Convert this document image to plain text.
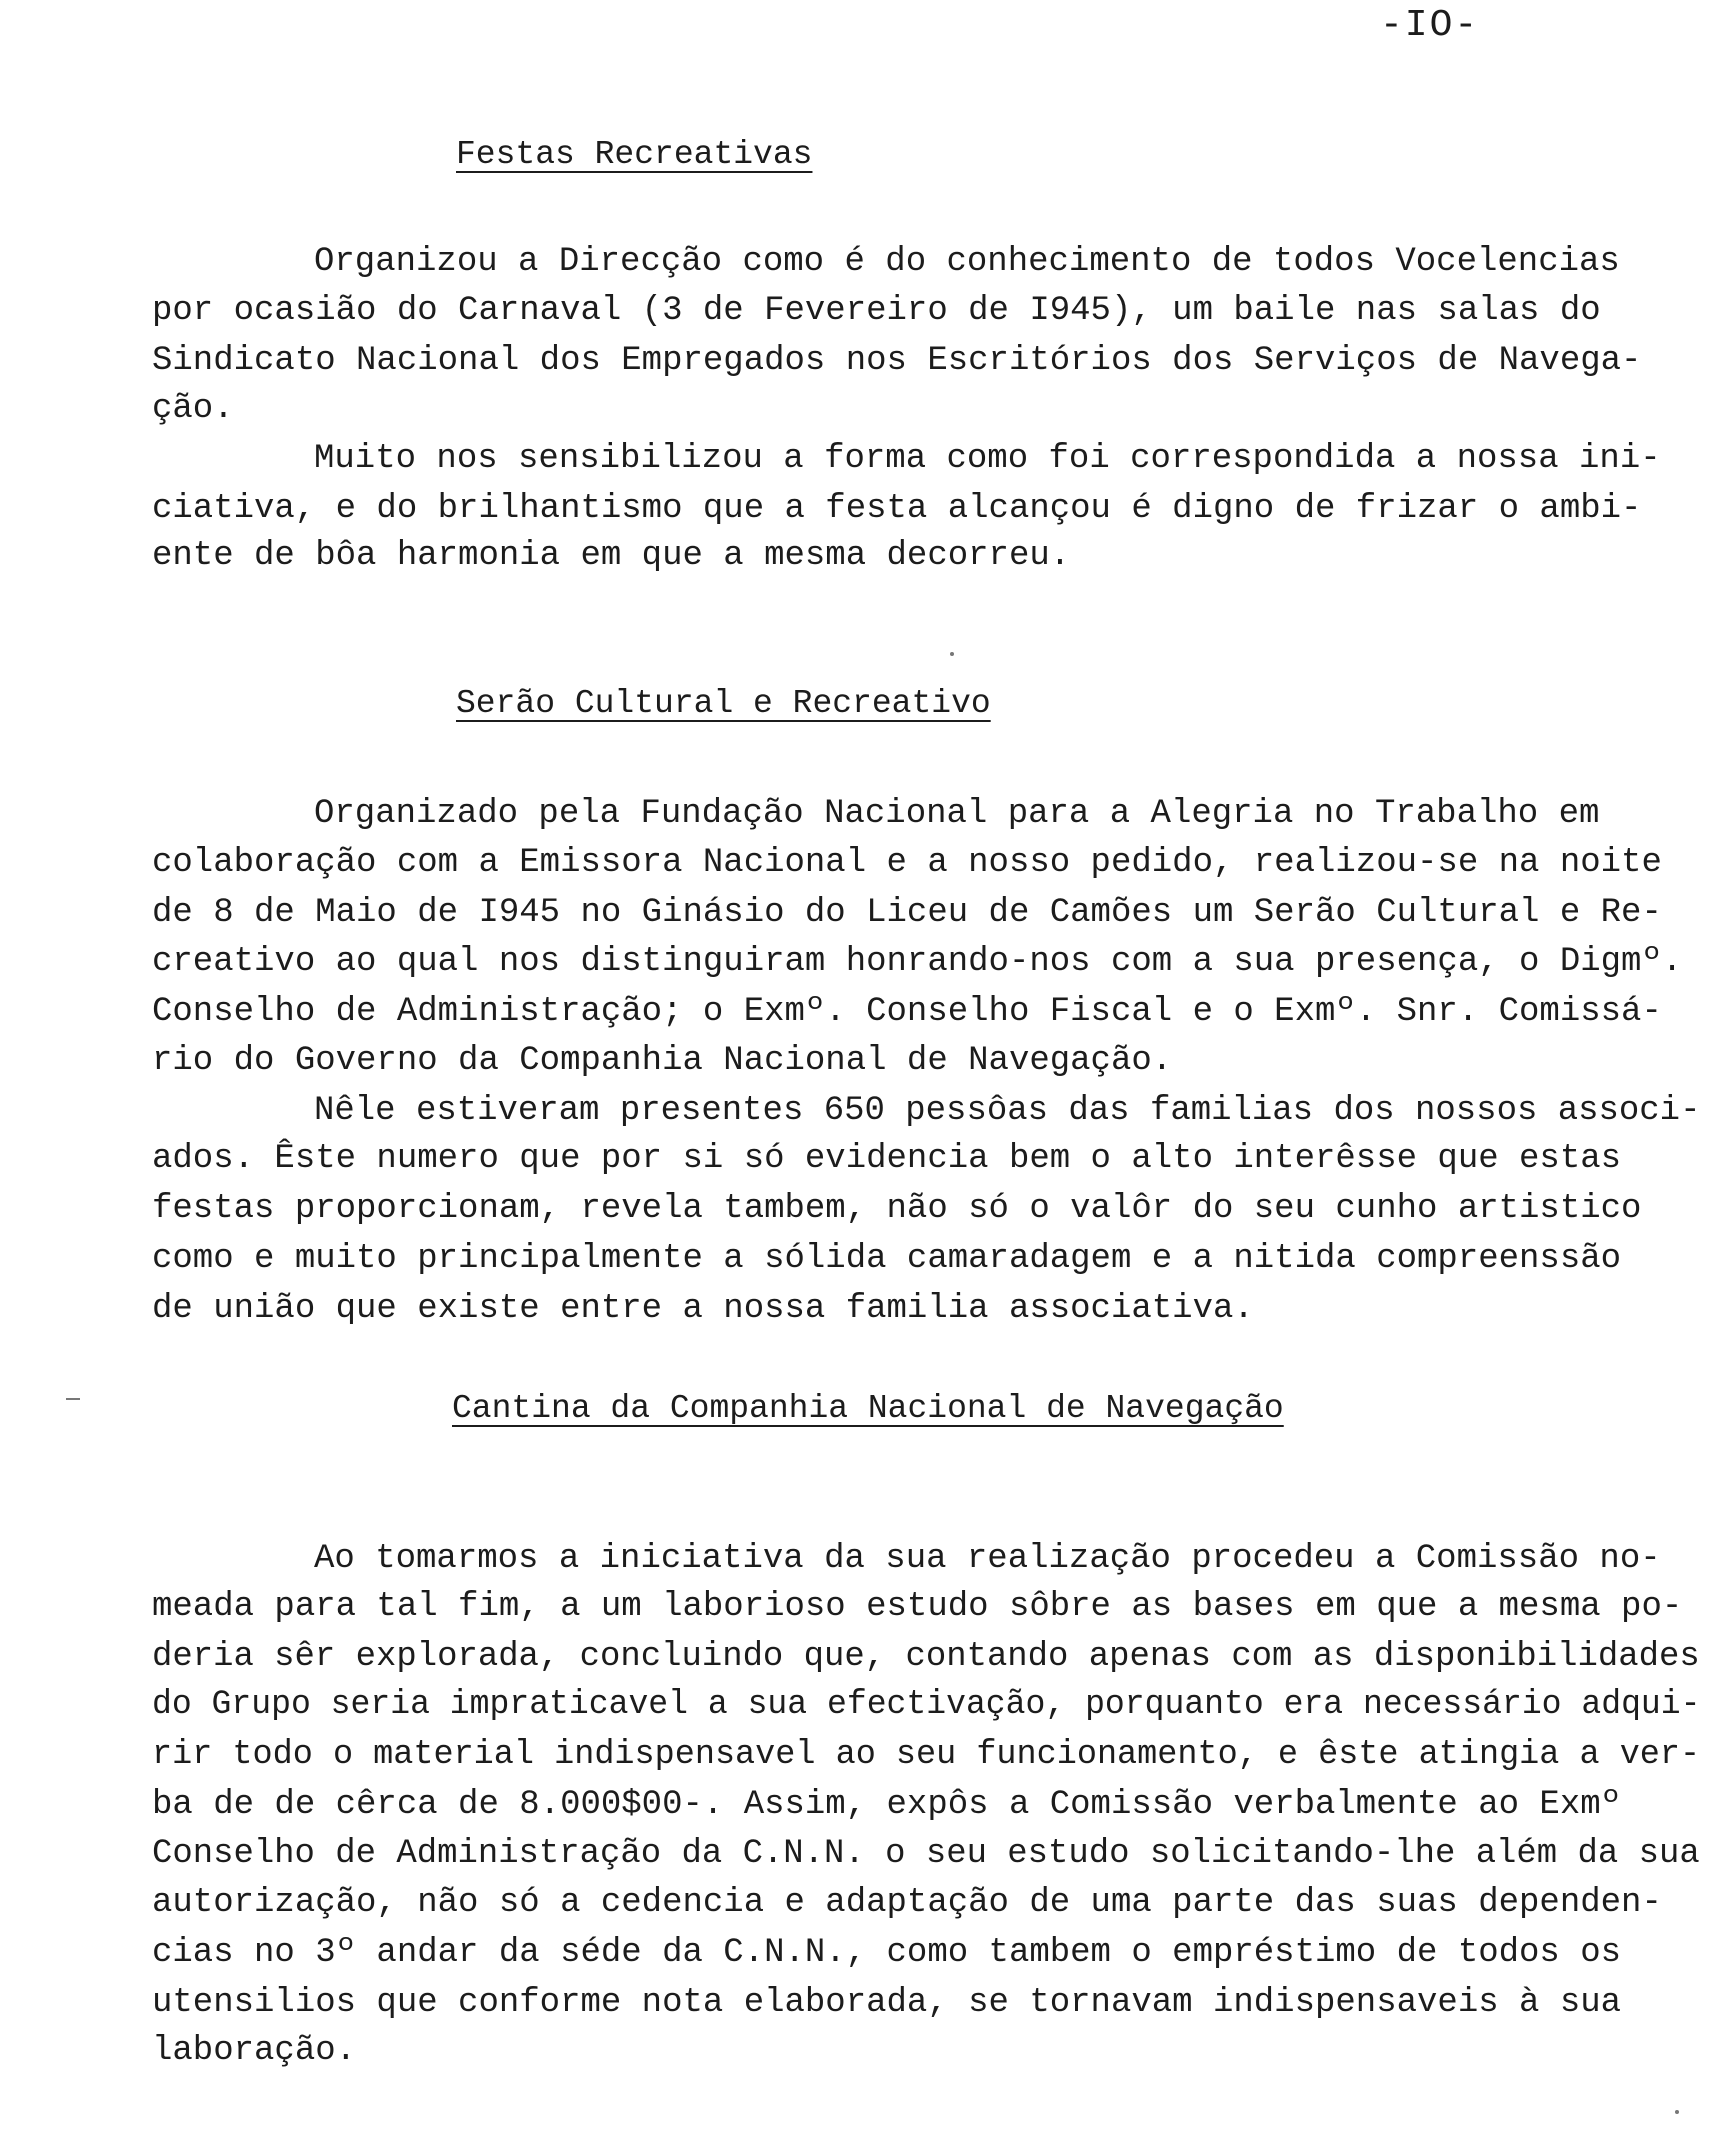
-IO-
Festas Recreativas
Organizou a Direcção como é do conhecimento de todos Vocelencias
por ocasião do Carnaval (3 de Fevereiro de I945), um baile nas salas do
Sindicato Nacional dos Empregados nos Escritórios dos Serviços de Navega-
ção.
Muito nos sensibilizou a forma como foi correspondida a nossa ini-
ciativa, e do brilhantismo que a festa alcançou é digno de frizar o ambi-
ente de bôa harmonia em que a mesma decorreu.
Serão Cultural e Recreativo
Organizado pela Fundação Nacional para a Alegria no Trabalho em
colaboração com a Emissora Nacional e a nosso pedido, realizou-se na noite
de 8 de Maio de I945 no Ginásio do Liceu de Camões um Serão Cultural e Re-
creativo ao qual nos distinguiram honrando-nos com a sua presença, o Digmº.
Conselho de Administração; o Exmº. Conselho Fiscal e o Exmº. Snr. Comissá-
rio do Governo da Companhia Nacional de Navegação.
Nêle estiveram presentes 650 pessôas das familias dos nossos associ-
ados. Êste numero que por si só evidencia bem o alto interêsse que estas
festas proporcionam, revela tambem, não só o valôr do seu cunho artistico
como e muito principalmente a sólida camaradagem e a nitida compreenssão
de união que existe entre a nossa familia associativa.
Cantina da Companhia Nacional de Navegação
Ao tomarmos a iniciativa da sua realização procedeu a Comissão no-
meada para tal fim, a um laborioso estudo sôbre as bases em que a mesma po-
deria sêr explorada, concluindo que, contando apenas com as disponibilidades
do Grupo seria impraticavel a sua efectivação, porquanto era necessário adqui-
rir todo o material indispensavel ao seu funcionamento, e êste atingia a ver-
ba de de cêrca de 8.000$00-. Assim, expôs a Comissão verbalmente ao Exmº
Conselho de Administração da C.N.N. o seu estudo solicitando-lhe além da sua
autorização, não só a cedencia e adaptação de uma parte das suas dependen-
cias no 3º andar da séde da C.N.N., como tambem o empréstimo de todos os
utensilios que conforme nota elaborada, se tornavam indispensaveis à sua
laboração.
